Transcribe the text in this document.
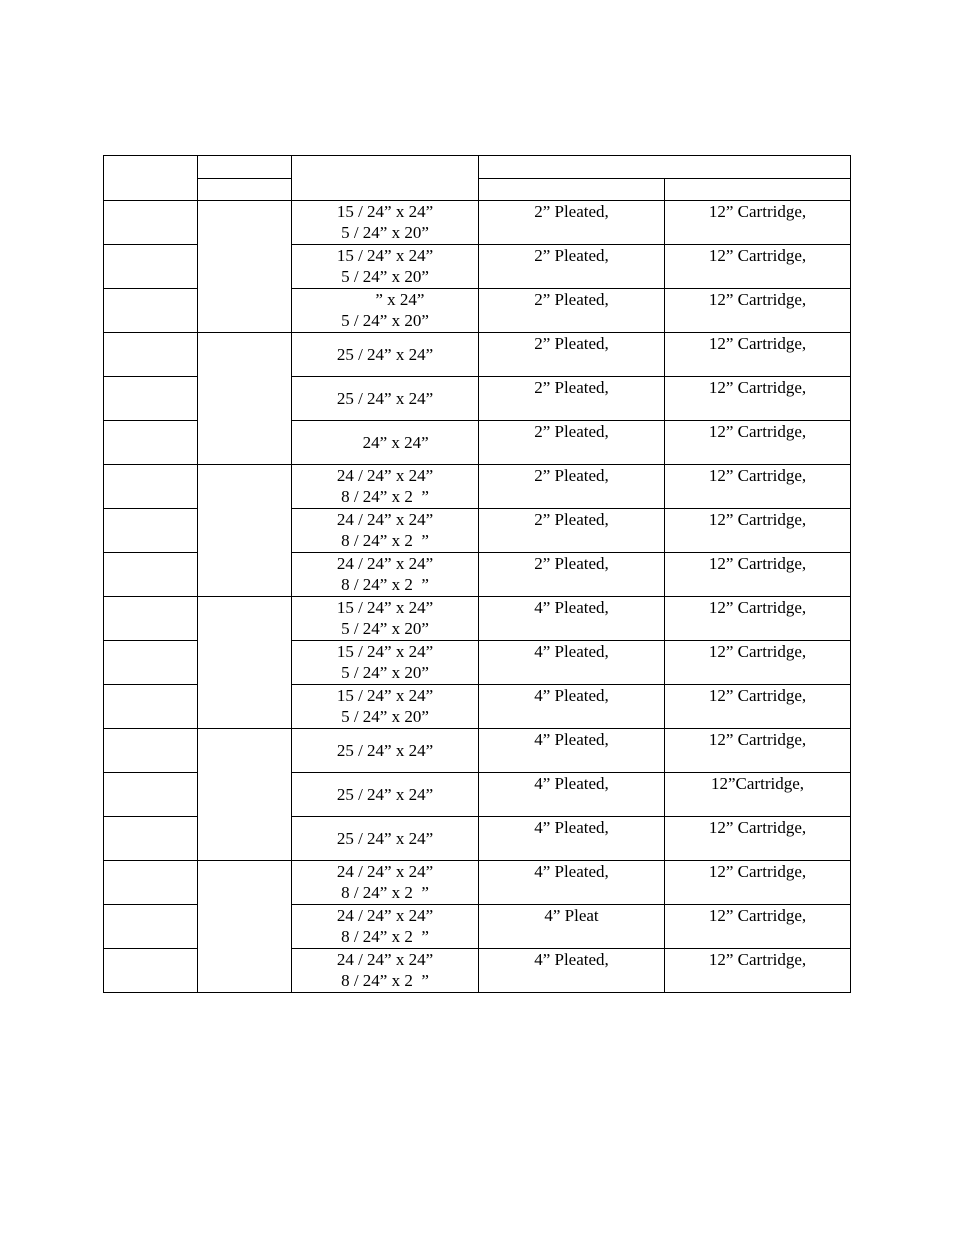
		15 / 24” x 24”
5 / 24” x 20”	2” Pleated,	12” Cartridge,

		15 / 24” x 24”
5 / 24” x 20”	2” Pleated,	12” Cartridge,

		” x 24”
5 / 24” x 20”	2” Pleated,	12” Cartridge,

		25 / 24” x 24”	2” Pleated,	12” Cartridge,

		25 / 24” x 24”	2” Pleated,	12” Cartridge,

		24” x 24”	2” Pleated,	12” Cartridge,

		24 / 24” x 24”
8 / 24” x 2  ”	2” Pleated,	12” Cartridge,

		24 / 24” x 24”
8 / 24” x 2  ”	2” Pleated,	12” Cartridge,

		24 / 24” x 24”
8 / 24” x 2  ”	2” Pleated,	12” Cartridge,

		15 / 24” x 24”
5 / 24” x 20”	4” Pleated,	12” Cartridge,

		15 / 24” x 24”
5 / 24” x 20”	4” Pleated,	12” Cartridge,

		15 / 24” x 24”
5 / 24” x 20”	4” Pleated,	12” Cartridge,

		25 / 24” x 24”	4” Pleated,	12” Cartridge,

		25 / 24” x 24”	4” Pleated,	12”Cartridge,

		25 / 24” x 24”	4” Pleated,	12” Cartridge,

		24 / 24” x 24”
8 / 24” x 2  ”	4” Pleated,	12” Cartridge,

		24 / 24” x 24”
8 / 24” x 2  ”	4” Pleat	12” Cartridge,

		24 / 24” x 24”
8 / 24” x 2  ”	4” Pleated,	12” Cartridge,
